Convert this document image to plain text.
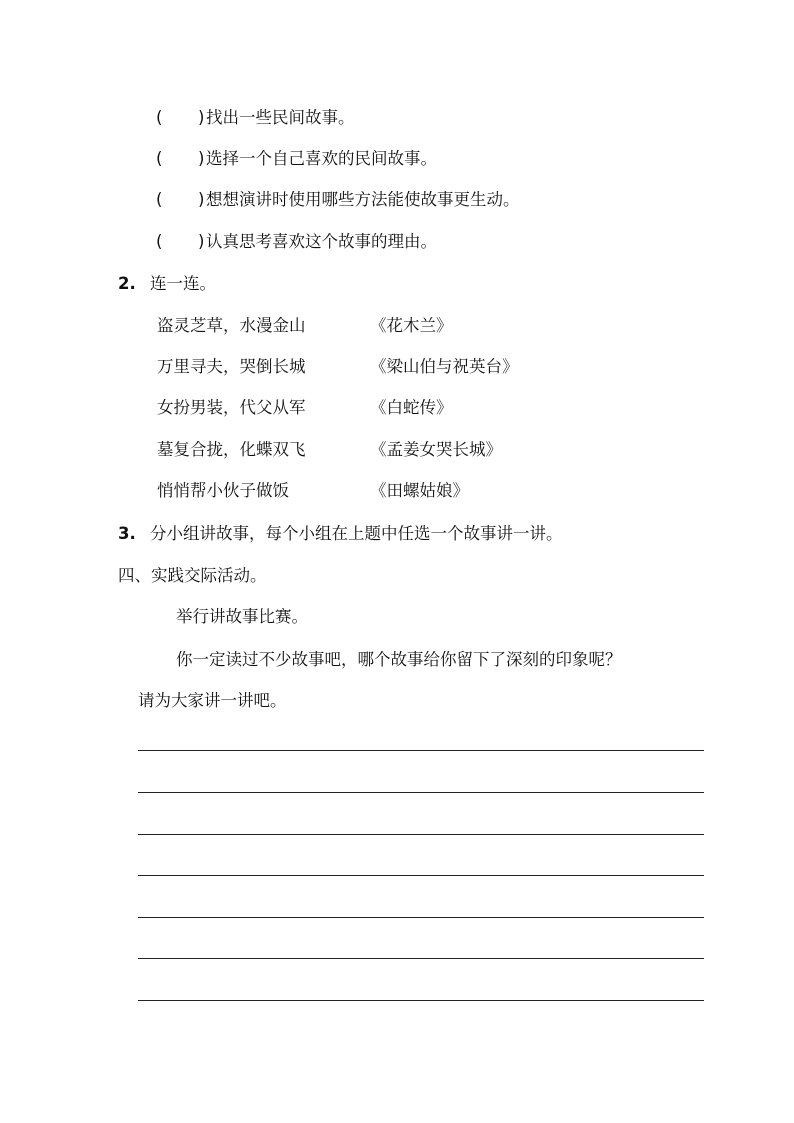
( ) 找出一些民间故事。
( ) 选择一个自己喜欢的民间故事。
( ) 想想演讲时使用哪些方法能使故事更生动。
( ) 认真思考喜欢这个故事的理由。
2. 连一连。
盗灵芝草，水漫金山	《花木兰》
万里寻夫，哭倒长城	《梁山伯与祝英台》
女扮男装，代父从军	《白蛇传》
墓复合拢，化蝶双飞	《孟姜女哭长城》
悄悄帮小伙子做饭	《田螺姑娘》
3. 分小组讲故事，每个小组在上题中任选一个故事讲一讲。
四、实践交际活动。
举行讲故事比赛。
你一定读过不少故事吧，哪个故事给你留下了深刻的印象呢？
请为大家讲一讲吧。
